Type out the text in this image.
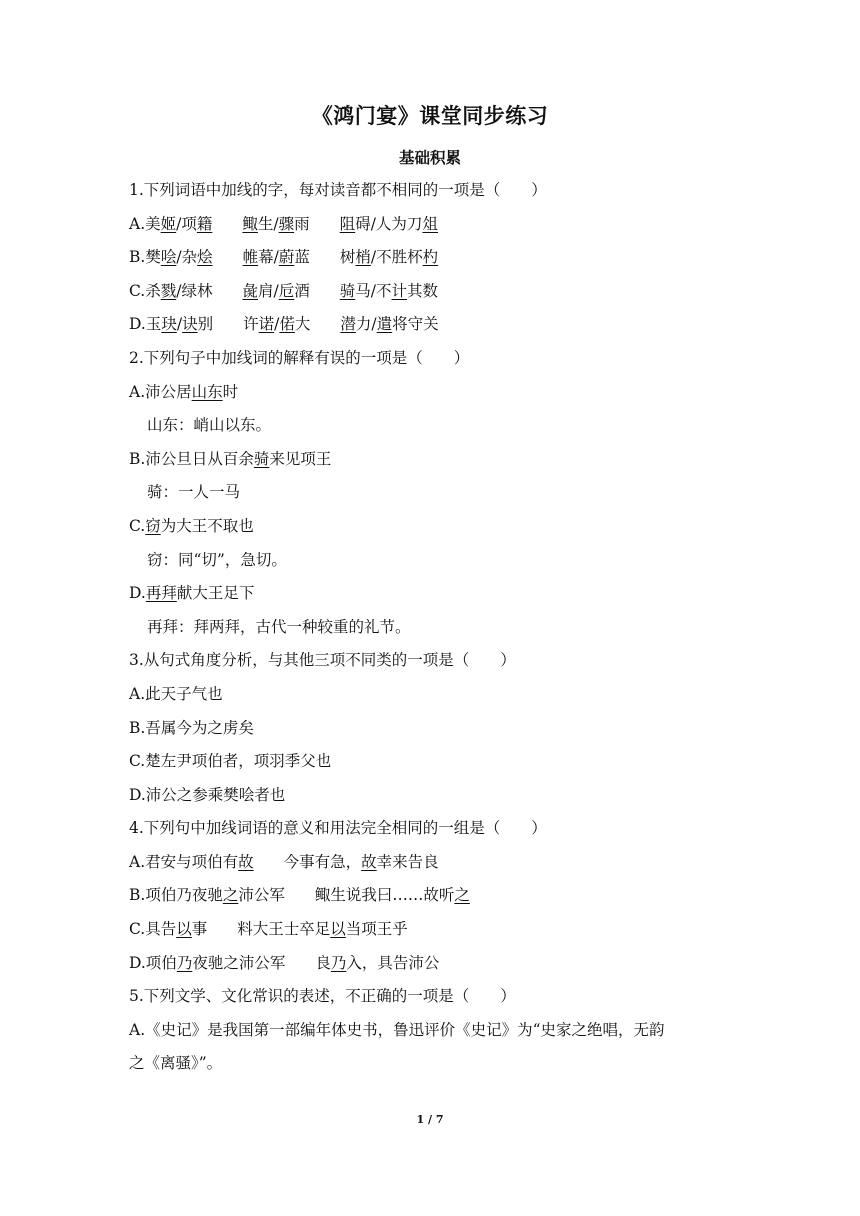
《鸿门宴》课堂同步练习
基础积累
1.下列词语中加线的字，每对读音都不相同的一项是（　　）
A.美姬/项籍 鲰生/骤雨 阻碍/人为刀俎
B.樊哙/杂烩 帷幕/蔚蓝 树梢/不胜杯杓
C.杀戮/绿林 彘肩/卮酒 骑马/不计其数
D.玉玦/诀别 许诺/偌大 潜力/遣将守关
2.下列句子中加线词的解释有误的一项是（　　）
A.沛公居山东时
山东：峭山以东。
B.沛公旦日从百余骑来见项王
骑：一人一马
C.窃为大王不取也
窃：同“切”，急切。
D.再拜献大王足下
再拜：拜两拜，古代一种较重的礼节。
3.从句式角度分析，与其他三项不同类的一项是（　　）
A.此天子气也
B.吾属今为之虏矣
C.楚左尹项伯者，项羽季父也
D.沛公之参乘樊哙者也
4.下列句中加线词语的意义和用法完全相同的一组是（　　）
A.君安与项伯有故 今事有急，故幸来告良
B.项伯乃夜驰之沛公军 鲰生说我曰……故听之
C.具告以事 料大王士卒足以当项王乎
D.项伯乃夜驰之沛公军 良乃入，具告沛公
5.下列文学、文化常识的表述，不正确的一项是（　　）
A.《史记》是我国第一部编年体史书，鲁迅评价《史记》为“史家之绝唱，无韵
之《离骚》”。
1 / 7
